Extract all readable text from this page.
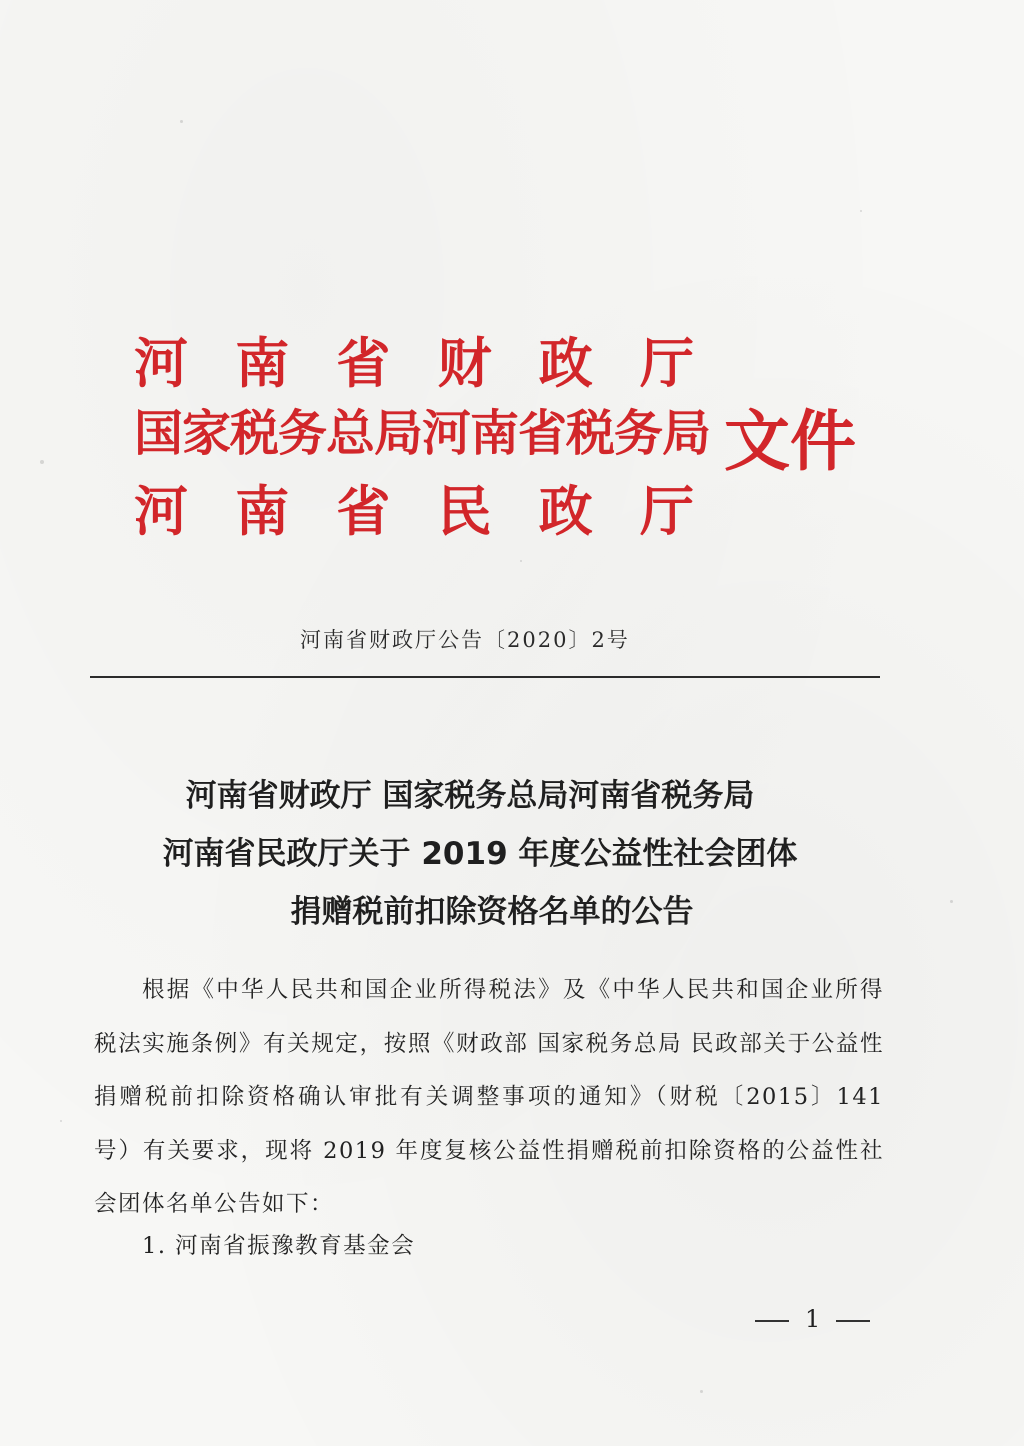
河 南 省 财 政 厅
国家税务总局河南省税务局
河 南 省 民 政 厅
文件
河南省财政厅公告〔2020〕2号
河南省财政厅 国家税务总局河南省税务局
河南省民政厅关于 2019 年度公益性社会团体
捐赠税前扣除资格名单的公告

根据《中华人民共和国企业所得税法》及《中华人民共和国企业所得税法实施条例》有关规定，按照《财政部 国家税务总局 民政部关于公益性捐赠税前扣除资格确认审批有关调整事项的通知》（财税〔2015〕141 号）有关要求，现将 2019 年度复核公益性捐赠税前扣除资格的公益性社会团体名单公告如下：

1. 河南省振豫教育基金会
1
